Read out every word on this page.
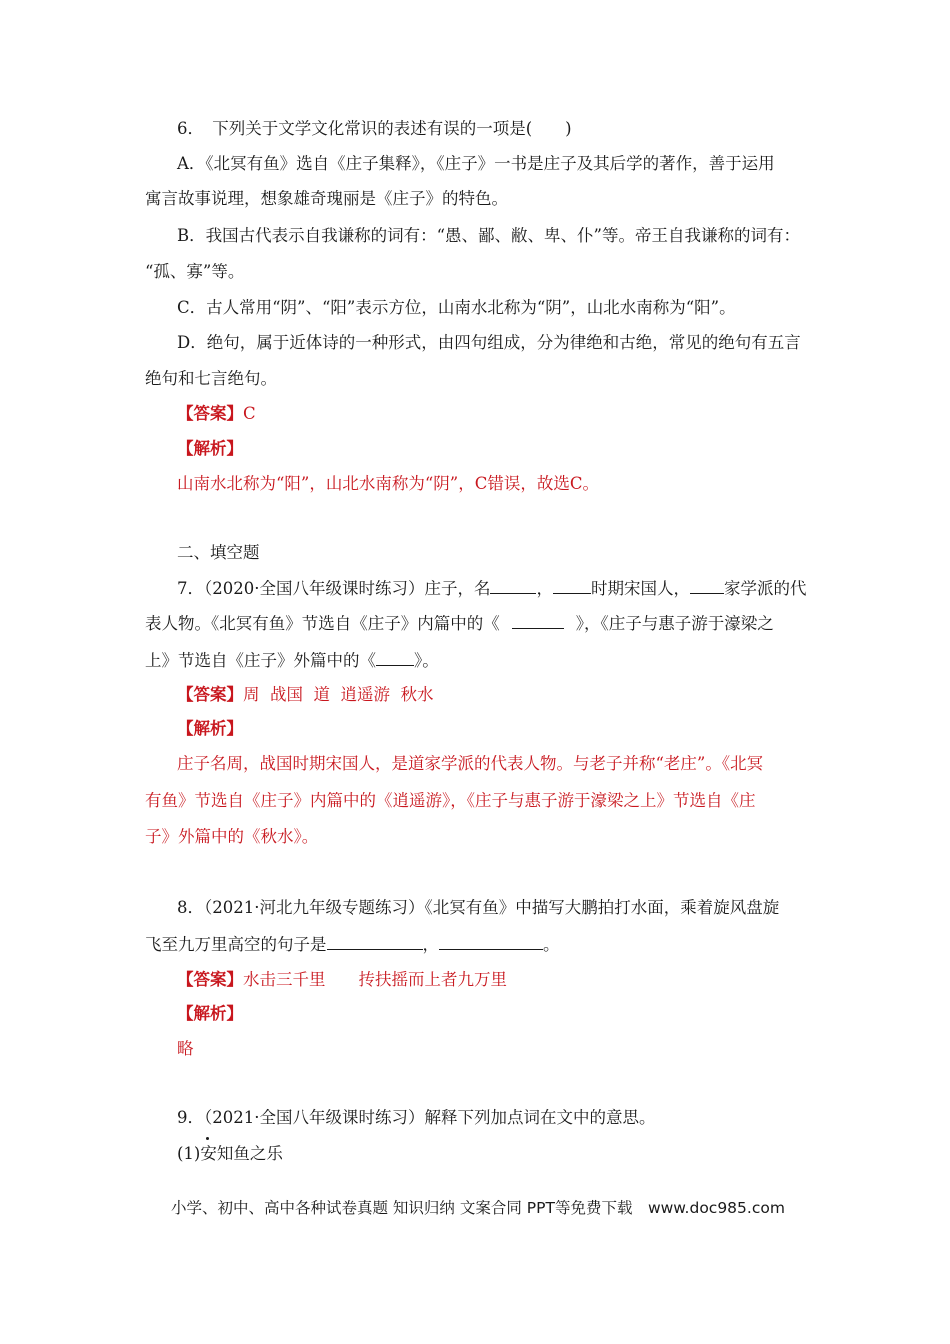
6．　下列关于文学文化常识的表述有误的一项是(　　)
A．《北冥有鱼》选自《庄子集释》，《庄子》一书是庄子及其后学的著作，善于运用
寓言故事说理，想象雄奇瑰丽是《庄子》的特色。
B．我国古代表示自我谦称的词有：“愚、鄙、敝、卑、仆”等。帝王自我谦称的词有：
“孤、寡”等。
C．古人常用“阴”、“阳”表示方位，山南水北称为“阴”，山北水南称为“阳”。
D．绝句，属于近体诗的一种形式，由四句组成，分为律绝和古绝，常见的绝句有五言
绝句和七言绝句。
【答案】C
【解析】
山南水北称为“阳”，山北水南称为“阴”，C错误，故选C。
二、填空题
7．（2020·全国八年级课时练习）庄子，名	， 时期宋国人， 家学派的代
表人物。《北冥有鱼》节选自《庄子》内篇中的《	》，《庄子与惠子游于濠梁之
上》节选自《庄子》外篇中的《 》。
【答案】周  战国  道  逍遥游  秋水
【解析】
庄子名周，战国时期宋国人，是道家学派的代表人物。与老子并称“老庄”。《北冥
有鱼》节选自《庄子》内篇中的《逍遥游》，《庄子与惠子游于濠梁之上》节选自《庄
子》外篇中的《秋水》。
8．（2021·河北九年级专题练习）《北冥有鱼》中描写大鹏拍打水面，乘着旋风盘旋
飞至九万里高空的句子是	，	。
【答案】水击三千里　　抟扶摇而上者九万里
【解析】
略
9．（2021·全国八年级课时练习）解释下列加点词在文中的意思。
(1)安知鱼之乐
小学、初中、高中各种试卷真题 知识归纳 文案合同 PPT等免费下载　www.doc985.com
